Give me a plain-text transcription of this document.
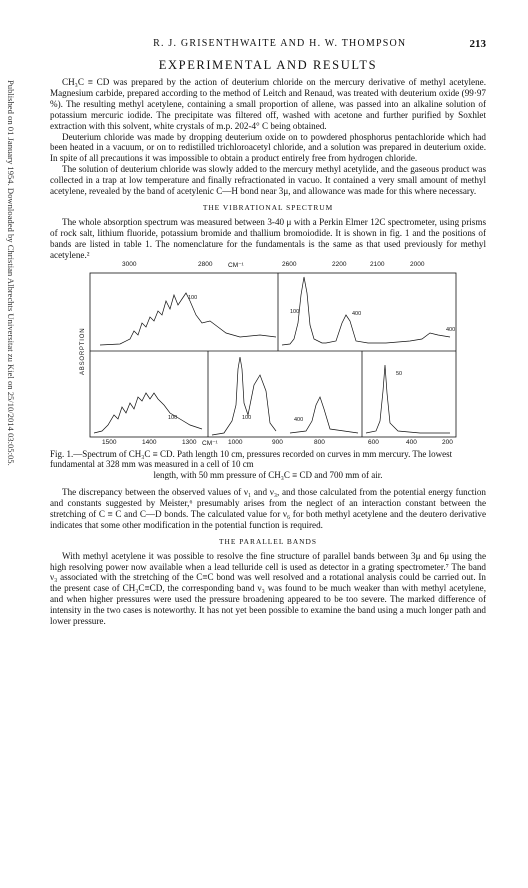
Published on 01 January 1954. Downloaded by Christian Albrechts Universitat zu Kiel on 25/10/2014 03:05:05.
R. J. GRISENTHWAITE AND H. W. THOMPSON	213
EXPERIMENTAL AND RESULTS

CH₃C ≡ CD was prepared by the action of deuterium chloride on the mercury derivative of methyl acetylene. Magnesium carbide, prepared according to the method of Leitch and Renaud, was treated with deuterium oxide (99·97 %). The resulting methyl acetylene, containing a small proportion of allene, was passed into an alkaline solution of potassium mercuric iodide. The precipitate was filtered off, washed with acetone and further purified by Soxhlet extraction with this solvent, white crystals of m.p. 202-4° C being obtained.

Deuterium chloride was made by dropping deuterium oxide on to powdered phosphorus pentachloride which had been heated in a vacuum, or on to redistilled trichloroacetyl chloride, and a solution was prepared in deuterium oxide. In spite of all precautions it was impossible to obtain a product entirely free from hydrogen chloride.

The solution of deuterium chloride was slowly added to the mercury methyl acetylide, and the gaseous product was collected in a trap at low temperature and finally refractionated in vacuo. It contained a very small amount of methyl acetylene, revealed by the band of acetylenic C—H bond near 3μ, and allowance was made for this where necessary.

THE VIBRATIONAL SPECTRUM

The whole absorption spectrum was measured between 3-40 μ with a Perkin Elmer 12C spectrometer, using prisms of rock salt, lithium fluoride, potassium bromide and thallium bromoiodide. It is shown in fig. 1 and the positions of bands are listed in table 1. The nomenclature for the fundamentals is the same as that used previously for methyl acetylene.²

3000	2800 CM⁻¹	2600	2200	2100	2000
1500	1400	1300 CM⁻¹ 1000	900	800	600	400	200
ABSORPTION
100
100	400
400
100	100	400
50
Fig. 1.—Spectrum of CH₃C ≡ CD. Path length 10 cm, pressures recorded on curves in mm mercury. The lowest fundamental at 328 mm was measured in a cell of 10 cm
length, with 50 mm pressure of CH₃C ≡ CD and 700 mm of air.

The discrepancy between the observed values of ν₁ and ν₃, and those calculated from the potential energy function and constants suggested by Meister,⁶ presumably arises from the neglect of an interaction constant between the stretching of C ≡ C and C—D bonds. The calculated value for ν₆ for both methyl acetylene and the deutero derivative indicates that some other modification in the potential function is required.

THE PARALLEL BANDS

With methyl acetylene it was possible to resolve the fine structure of parallel bands between 3μ and 6μ using the high resolving power now available when a lead telluride cell is used as detector in a grating spectrometer.⁷ The band ν₃ associated with the stretching of the C≡C bond was well resolved and a rotational analysis could be carried out. In the present case of CH₃C≡CD, the corresponding band ν₃ was found to be much weaker than with methyl acetylene, and when higher pressures were used the pressure broadening appeared to be too severe. The marked difference of intensity in the two cases is noteworthy. It has not yet been possible to examine the band using a much longer path and lower pressure.
